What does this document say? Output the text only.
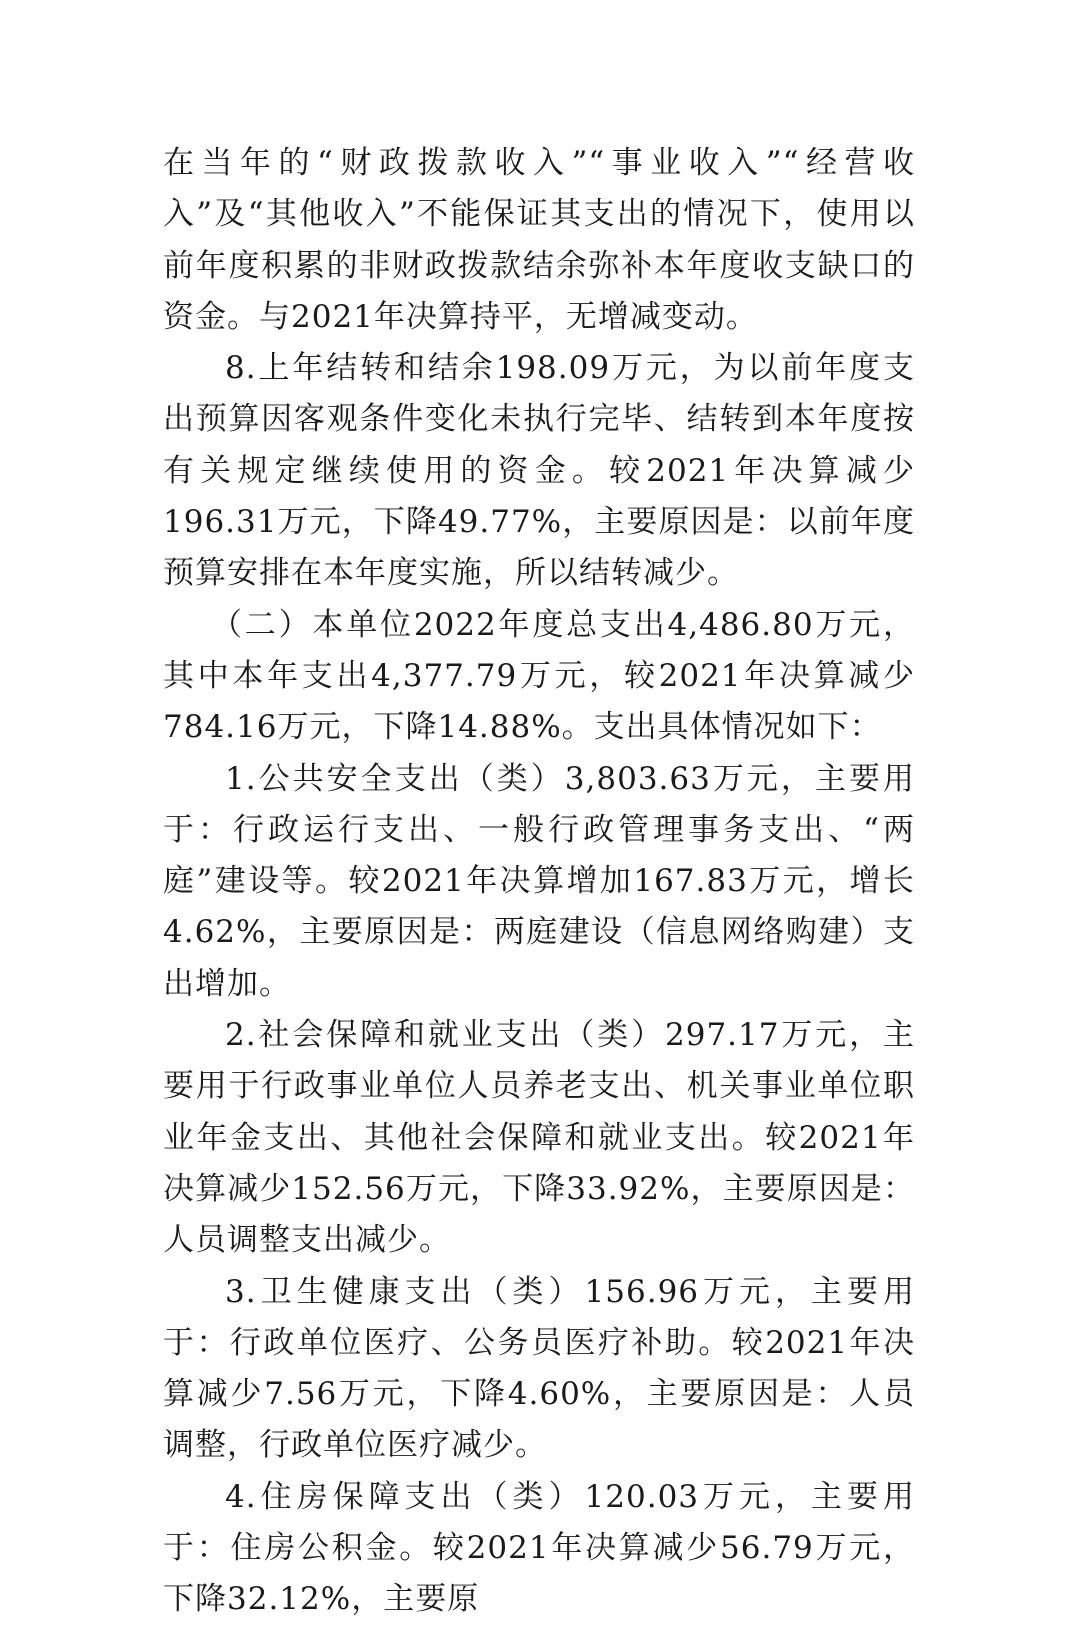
在当年的“财政拨款收入”“事业收入”“经营收入”及“其他收入”不能保证其支出的情况下，使用以前年度积累的非财政拨款结余弥补本年度收支缺口的资金。与2021年决算持平，无增减变动。

8.上年结转和结余198.09万元，为以前年度支出预算因客观条件变化未执行完毕、结转到本年度按有关规定继续使用的资金。较2021年决算减少196.31万元，下降49.77%，主要原因是：以前年度预算安排在本年度实施，所以结转减少。

（二）本单位2022年度总支出4,486.80万元，其中本年支出4,377.79万元，较2021年决算减少784.16万元，下降14.88%。支出具体情况如下：

1.公共安全支出（类）3,803.63万元，主要用于：行政运行支出、一般行政管理事务支出、“两庭”建设等。较2021年决算增加167.83万元，增长4.62%，主要原因是：两庭建设（信息网络购建）支出增加。

2.社会保障和就业支出（类）297.17万元，主要用于行政事业单位人员养老支出、机关事业单位职业年金支出、其他社会保障和就业支出。较2021年决算减少152.56万元，下降33.92%，主要原因是：人员调整支出减少。

3.卫生健康支出（类）156.96万元，主要用于：行政单位医疗、公务员医疗补助。较2021年决算减少7.56万元，下降4.60%，主要原因是：人员调整，行政单位医疗减少。

4.住房保障支出（类）120.03万元，主要用于：住房公积金。较2021年决算减少56.79万元，下降32.12%，主要原
